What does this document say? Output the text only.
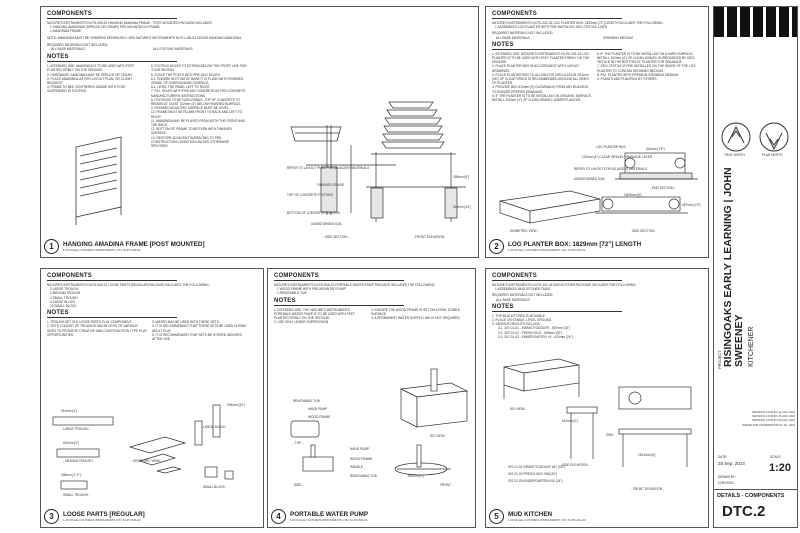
COMPONENTS

NATURE'S INSTRUMENTS NI-PO-406-02 HANGING AMADINA FRAME - POST MOUNTED PACKAGE INCLUDES:

1 HANGING AMADINDA (SPRUCE OR CEDAR) PRE-MOUNTED IN FRAME

1 AMADINDA FRAME

NOTE: AMADINDA MUST BE ORDERED SEPARATELY. SEE NATURE'S INSTRUMENTS NI-PO-406-03 CEDAR HANGING AMADINDA.

REQUIRED MATERIALS NOT INCLUDED:

ALL BASE MATERIALS	ALL FOOTING MATERIALS

NOTES

1. INTENDED USE: AMADINDA IS TO BE USED WITH FEET PLANTED FIRMLY ON THE GROUND.

2. HARDWARE: AMADINDA MAY BE SPRUCE OR CEDAR.

3. PLACE AMADINDA AS PER LAYOUT PLAN, OR CLIENT REQUEST.

4. FRAME TO BEE CENTRERED GRADE WITH POST SUSPENDED IN FOOTING.

5. FOOTING HOLES TO EXTEND BELOW THE FROST LINE FOR YOUR REGION.

6. PLACE THE POSTS INTO PRE-DUG HOLES:

6.1. ENSURE BOTTOM OF BASE IT IS FLUSH WITH FINISHED GRADE OF SURROUNDING SURFACE.

6.2. LEVEL THE PANEL LEFT TO RIGHT.

7. FILL HOLES WITH PRE-MIX CONCRETE AS PER CONCRETE MANUFACTURER'S INSTRUCTIONS.

8. FOOTINGS TO BE NON-VISIBLE. TOP OF CONCRETE TO REMAIN AT LEAST 102mm (4") BELOW FINISHED SURFACE.

9. FINISHED ADJACENT SURFACE MUST BE LEVEL.

10. FRAME MUST BE PLUMB FRONT TO BACK AND LEFT TO RIGHT.

11. AMADINDA MAY BE PLAYED FROM BOTH THE FRONT AND THE BACK.

12. BOTTOM OF FRAME TO BE EVEN WITH FINISHED SURFACE.

13. RESTORE ADJACENT SURFACING TO PRE-CONSTRUCTION CONDITION UNLESS OTHERWISE SPECIFIED.

REFER TO LAYOUT PLAN FOR ADJACENT MATERIALS
FINISHED GRADE
TOP OF CONCRETE FOOTING
BOTTOM OF CONCRETE FOOTING
UNDISTURBED SOIL
- SIDE SECTION -	- FRONT ELEVATION -
155mm [6"]
610mm [24"]
1	HANGING AMADINA FRAME [POST MOUNTED]
1:20 SCALE | NATURE'S INSTRUMENTS | PN: NI-PO-406-02

COMPONENTS

NATURE'S INSTRUMENTS NI-PO-201-02 LOG PLANTER BOX: 1829mm [72"] LENGTH INCLUDES THE FOLLOWING:

1 ASSEMBLED LOG PLANTER WITH PRE-INSTALLED GEO-TEXTILE LINER

REQUIRED MATERIALS NOT INCLUDED:

ALL BASE MATERIALS	GROWING MEDIUM

NOTES

1. INTENDED USE: NATURE'S INSTRUMENTS NI-PO-201-02 LOG PLANTER IS TO BE USED WITH FEET PLANTED FIRMLY ON THE GROUND.

2. PLACE PLANTER BOX IN ACCORDANCE WITH LAYOUT DRAWINGS.

3. PLACE PLANTER BOX TO ALLOW FOR CIRCULATION. 914mm (36") OF CLEAR SPACE IS RECOMMENDED AROUND ALL SIDES OF PLANTER.

4. PROVIDE MIN. 610mm (2') CLEARANCE FROM ANY BUILDING TO ENSURE PROPER DRAINAGE.

5. IF THE PLANTER IS TO BE INSTALLED ON ORGANIC SURFACE, INSTALL 102mm (4") OF CLEAR GRAVEL UNDER PLANTER.

6. IF THE PLANTER IS TO BE INSTALLED ON A HARD SURFACE, INSTALL 102mm (4") OF CLEAN GRAVEL SURROUNDED BY GEO-TEXTILE IN THE BOTTOM OF PLANTER FOR DRAINAGE.

7. GEO-TEXTILE IS PRE-INSTALLED ON THE INSIDE OF THE LOG PLANTER TO CONTAIN GROWING MEDIUM.

8. FILL PLANTER WITH PREMIUM GROWING MEDIUM.

9. PLANTS AND PLANTING BY OTHERS.

LOG PLANTER BOX
102mm (4") CLEAR GRAVEL DRAINAGE LAYER
REFER TO LAYOUT FOR ADJACENT MATERIALS
UNDISTURBED SOIL
- END SECTION -
- ISOMETRIC VIEW -	- SIDE SECTION -
1829mm [6']
514mm [1'8"]
457mm [1'6"]
2	LOG PLANTER BOX: 1829mm [72"] LENGTH
1:20 SCALE | NATURE'S INSTRUMENTS | PN: NI-PO-201-02

COMPONENTS

NATURE'S INSTRUMENTS NI-PO-506-02 LOOSE PARTS [REGULAR] PACKAGE INCLUDES THE FOLLOWING:

2 LARGE TROUGH

2 MEDIUM TROUGH

2 SMALL TROUGH

4 LARGE BLOCK

10 SMALL BLOCK

NOTES

1. TROUGH SET IS A LOOSE PARTS PLAY COMPONENT.

2. SETS CONSIST OF TROUGHS AND BLOCKS OF VARIOUS SIZES TO PROMOTE CREATIVE AND CONSTRUCTION TYPE PLAY OPPORTUNITIES.

3. WATER MAY BE USED WITH THESE SETS.

4. IT IS RECOMMENDED THAT THESE SETS BE USED DURING ADULT PLAY.

5. IT IS RECOMMENDED THAT SETS BE STORED INDOORS AFTER USE.

914mm [3']
- LARGE TROUGH -
610mm [2']
- MEDIUM TROUGH -	- ISOMETRIC VIEW -
305mm [1'-0"]
- SMALL TROUGH -
- LARGE BLOCK -
- SMALL BLOCK -
254mm [10"]
3	LOOSE PARTS [REGULAR]
1:20 SCALE | NATURE'S INSTRUMENTS | PN: NI-PO-506-02

COMPONENTS

NATURE'S INSTRUMENTS NI-PO-806-01 PORTABLE WATER PUMP PACKAGE INCLUDES THE FOLLOWING:

1 WOOD FRAME WITH PRE-MOUNTED PUMP

1 REMOVABLE TUB

NOTES

1. INTENDED USE: THE NATURE'S INSTRUMENTS PORTABLE WATER PUMP IS TO BE USED WITH FEET PLANTED FIRMLY ON THE GROUND.

2. USE ONLY UNDER SUPERVISION.

3. ENSURE THE WOOD FRAME IS SET ON A FIRM, STABLE SURFACE.

4. A PERMANENT WATER SUPPLY LINE IS NOT REQUIRED.

REMOVABLE TUB
HAND PUMP
WOOD FRAME
- TOP -
- ISO VIEW -
HAND PUMP
WOOD FRAME
HANDLE
REMOVABLE TUB
- SIDE -	- FRONT -
610mm [2']
4	PORTABLE WATER PUMP
1:20 SCALE | NATURE'S INSTRUMENTS | PN: NI-PO-806-01

COMPONENTS

NATURE'S INSTRUMENTS NI-PO-301-03 MUD KITCHEN PACKAGE INCLUDES THE FOLLOWING:

1 ASSEMBLED MUD KITCHEN TABLE

REQUIRED MATERIALS NOT INCLUDED:

ALL BASE MATERIALS

NOTES

1. THE MUD KITCHEN IS MOVABLE.

2. PLACE ON STABLE, LEVEL GROUND.

3. VARIOUS HEIGHTS INCLUDE:

3.1. 307-01-01 - INFANT/TODDLER - 457mm [18"]

3.2. 307-01-02 - PRESCHOOL - 508mm [20"]

3.3. 307-01-03 - KINDERGARTEN +E - 610mm [24"]

- ISO VIEW -
610mm [2']
- SIDE ELEVATION -
SINK
1524mm [5']
- FRONT ELEVATION -
307-01-01 INFANT/TODDLER 457 (18")
307-01-02 PRESCHOOL 508 (20")
307-01-03 KINDERGARTEN 610 (24")
5	MUD KITCHEN
1:20 SCALE | NATURE'S INSTRUMENTS | PN: NI-PO-301-03
TRUE NORTH	PLAN NORTH
PROJECT RISINGOAKS EARLY LEARNING | JOHN SWEENEY KITCHENER

REVISION 3 FOR IFC 21 AUG, 2023

REVISION 2 FOR IFC 15 AUG, 2023

REVISION 1 FOR IFC 02 AUG, 2023

ISSUED FOR COORDINATION 21 JUL, 2023

DATE:
28 Sep, 2023
SCALE:
1:20
DRAWN BY:
CHECKED:
DETAILS - COMPONENTS
DTC.2
